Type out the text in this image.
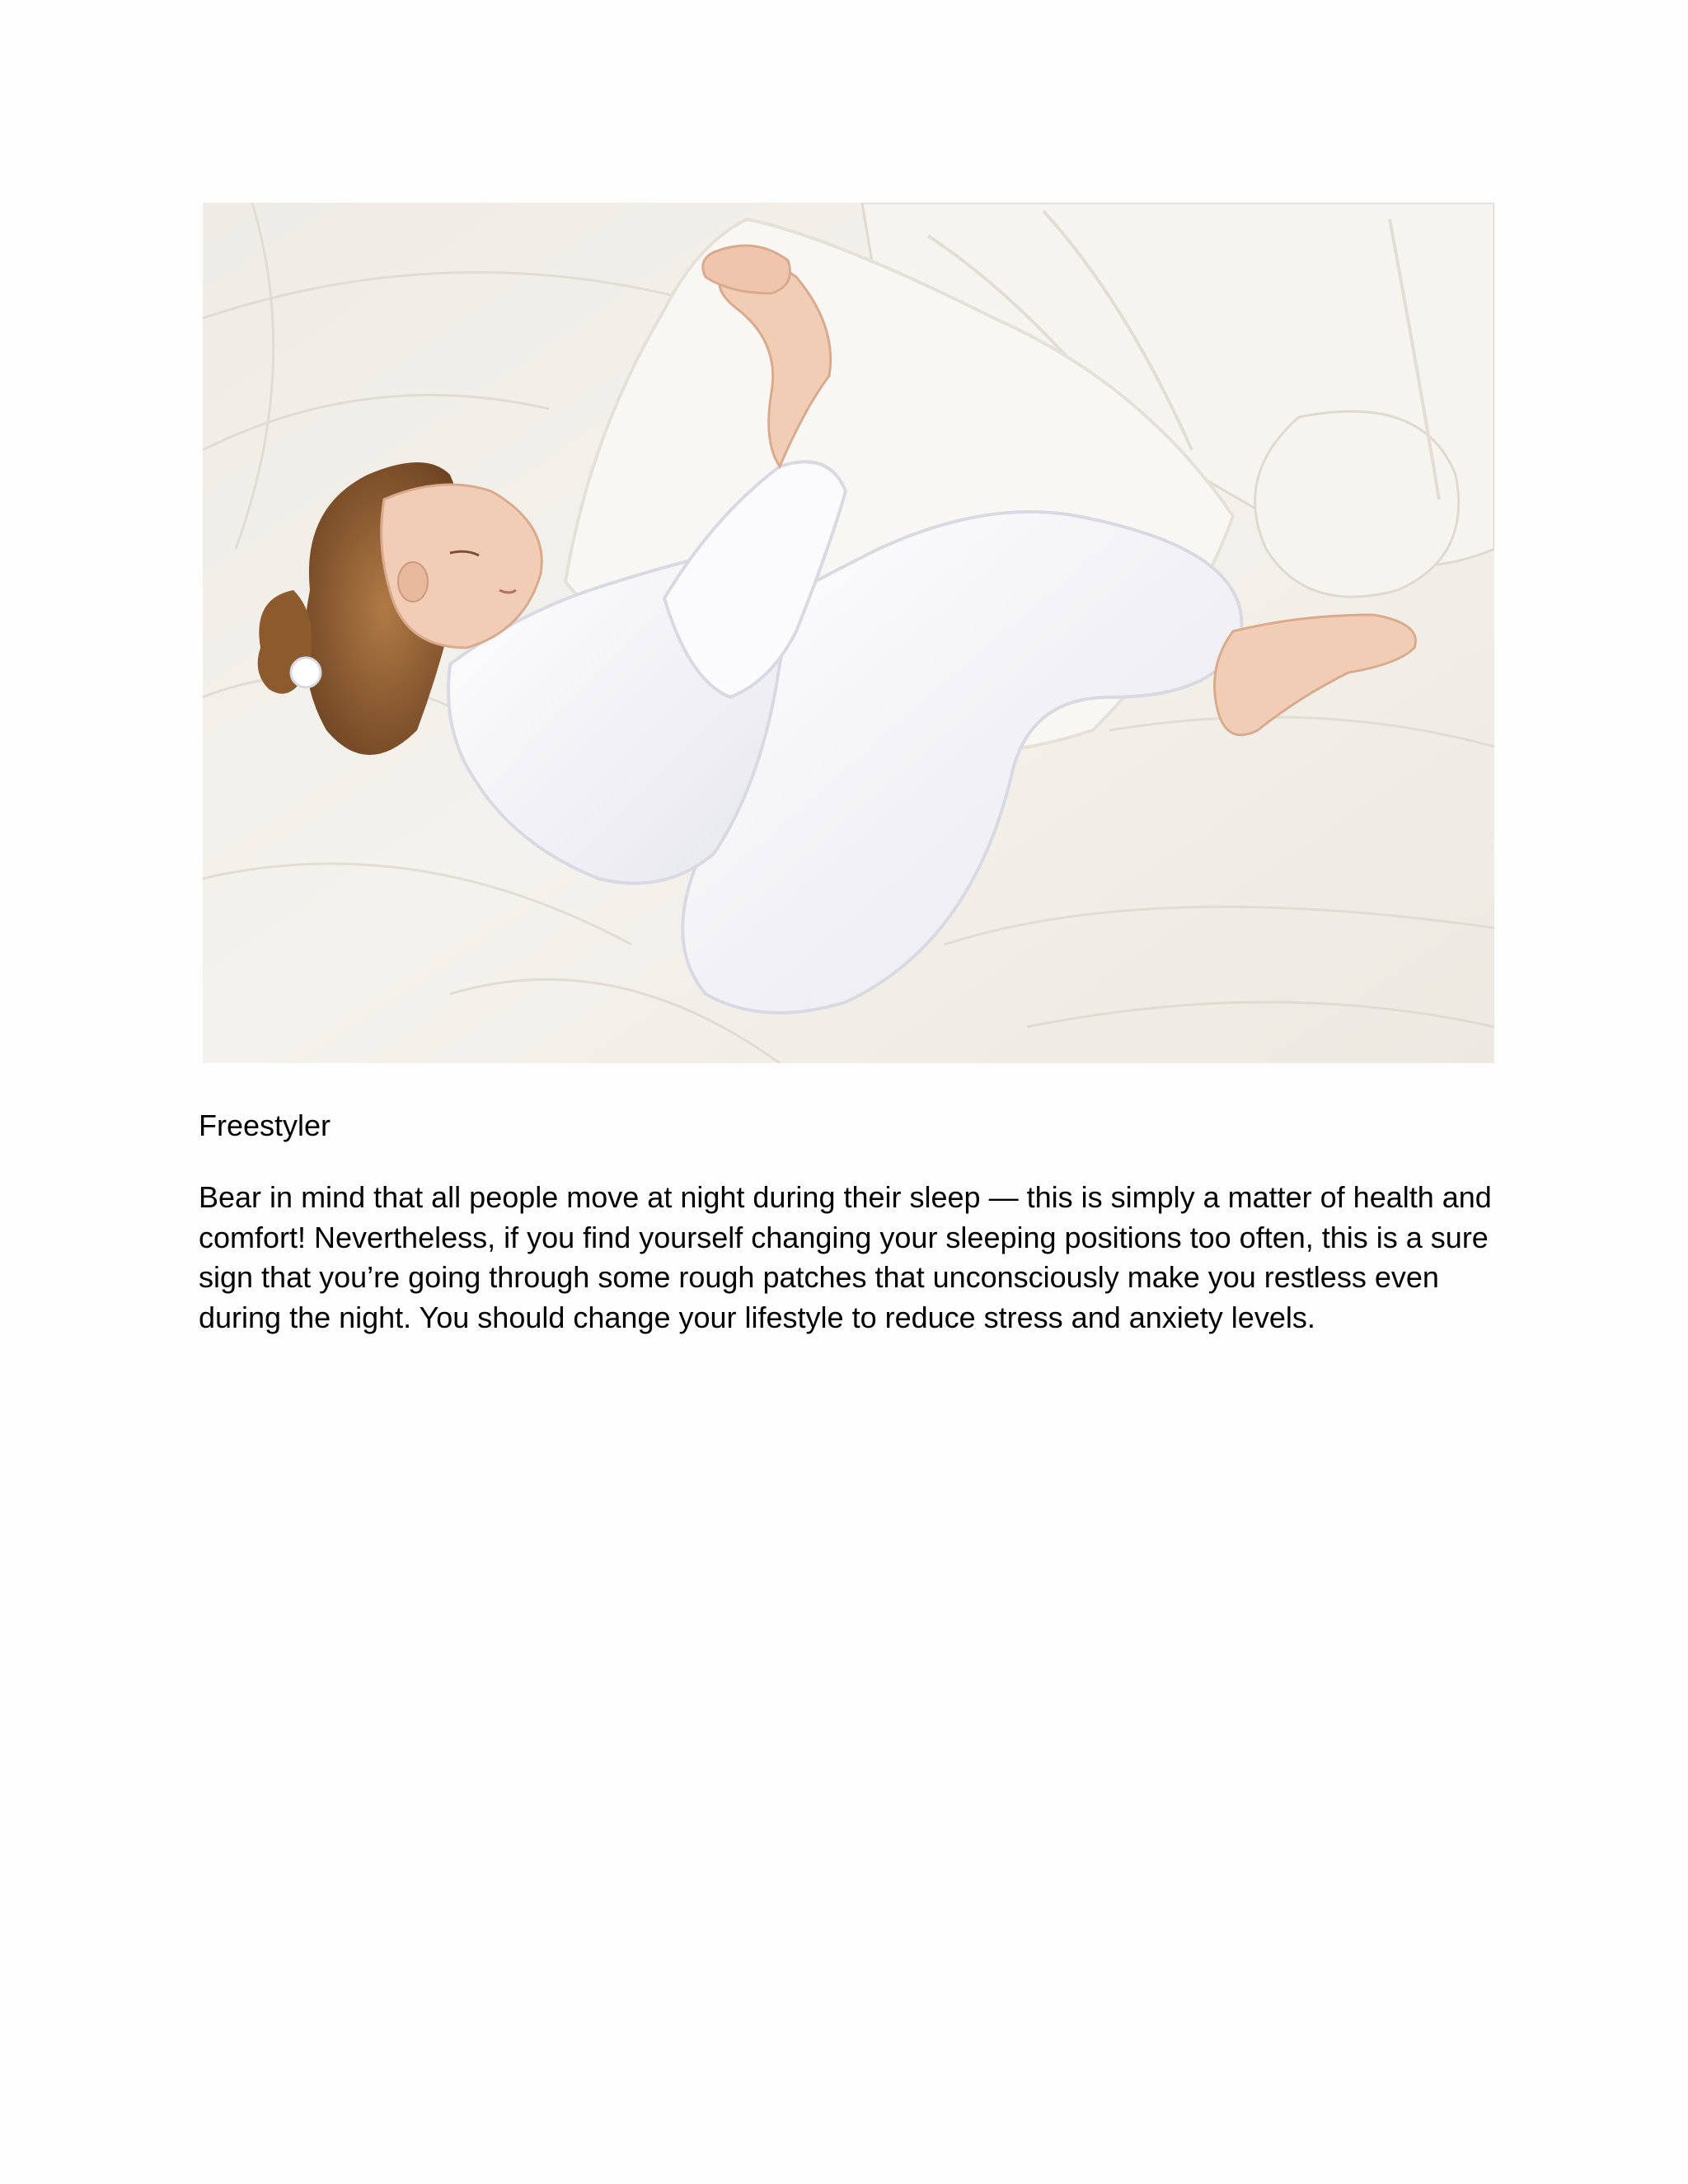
Freestyler

Bear in mind that all people move at night during their sleep — this is simply a matter of health and comfort! Nevertheless, if you find yourself changing your sleeping positions too often, this is a sure sign that you’re going through some rough patches that unconsciously make you restless even during the night. You should change your lifestyle to reduce stress and anxiety levels.
